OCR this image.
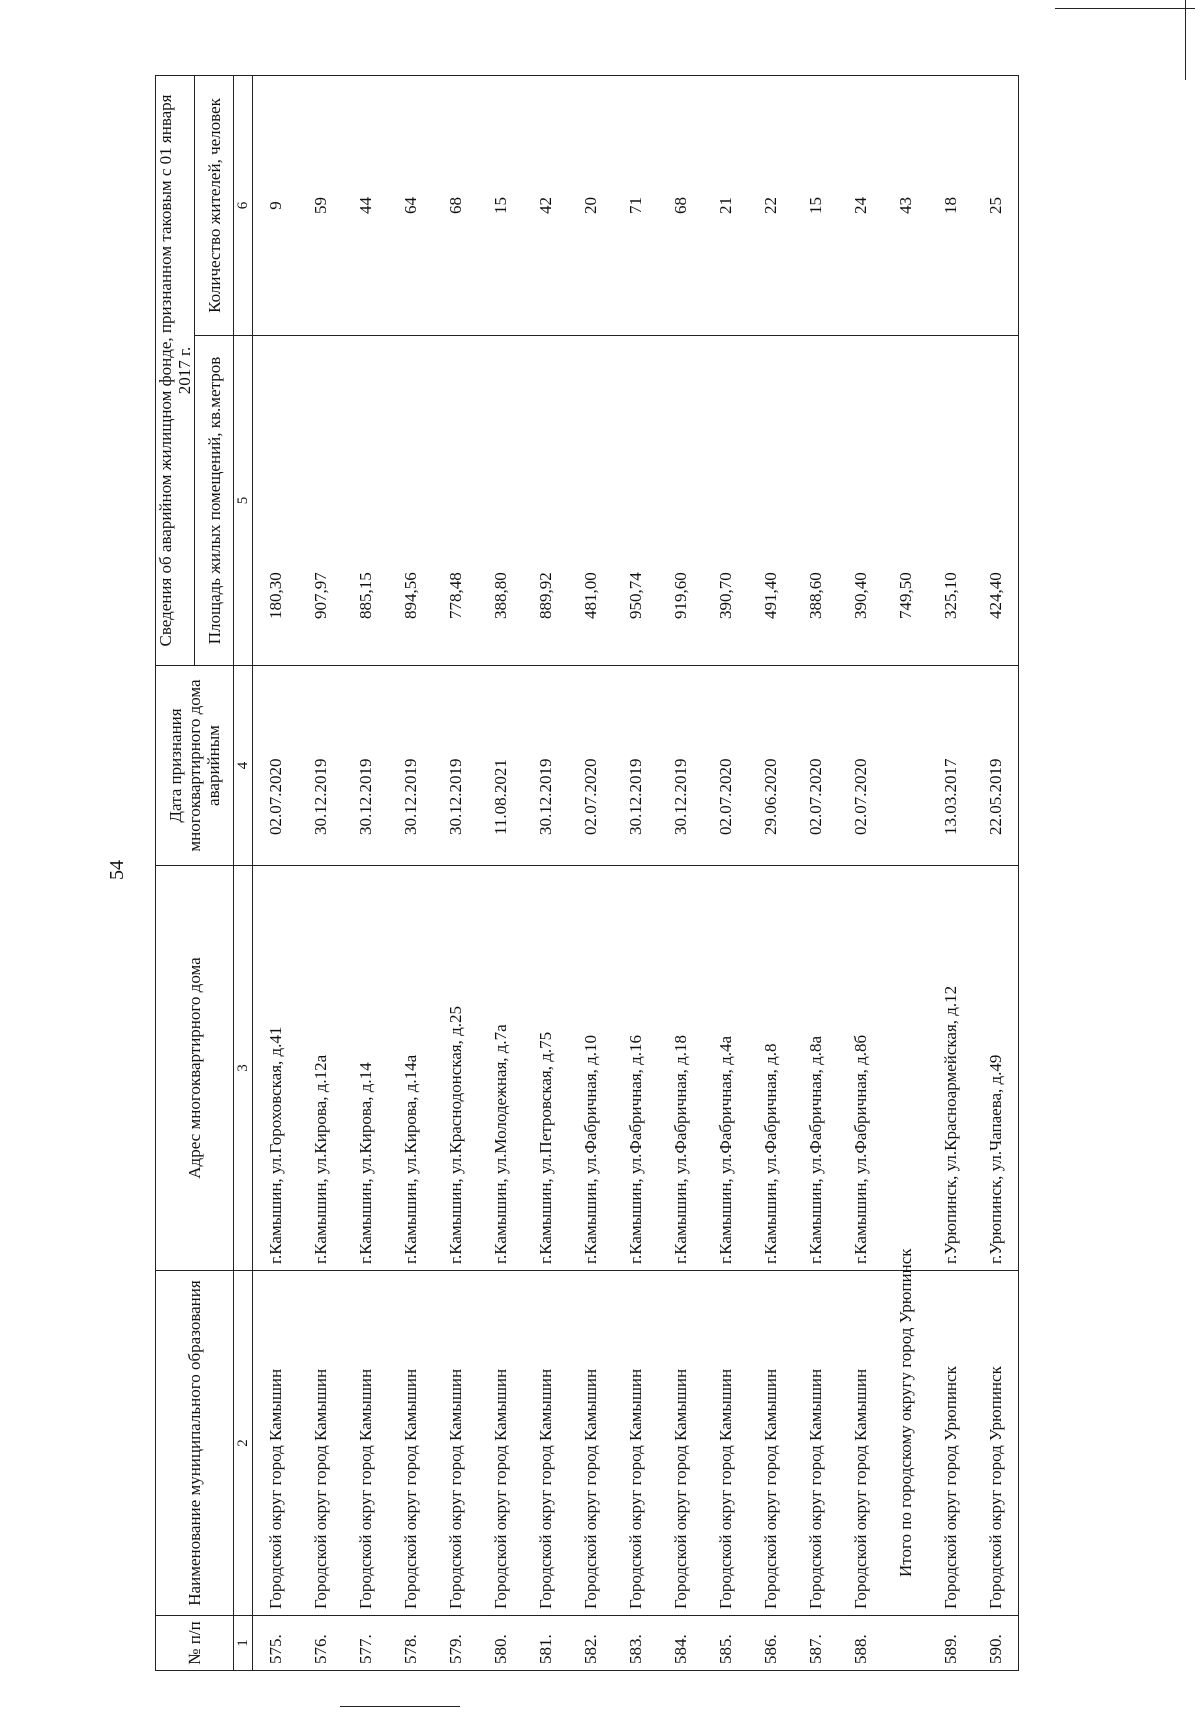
54
№ п/п	Наименование муниципального образования	Адрес многоквартирного дома	Дата признания многоквартирного дома аварийным	Сведения об аварийном жилищном фонде, признанном таковым с 01 января 2017 г.	
				Площадь жилых помещений, кв.метров	Количество жителей, человек
1	2	3	4	5	6
575.	Городской округ город Камышин	г.Камышин, ул.Гороховская, д.41	02.07.2020	180,30	9
576.	Городской округ город Камышин	г.Камышин, ул.Кирова, д.12а	30.12.2019	907,97	59
577.	Городской округ город Камышин	г.Камышин, ул.Кирова, д.14	30.12.2019	885,15	44
578.	Городской округ город Камышин	г.Камышин, ул.Кирова, д.14а	30.12.2019	894,56	64
579.	Городской округ город Камышин	г.Камышин, ул.Краснодонская, д.25	30.12.2019	778,48	68
580.	Городской округ город Камышин	г.Камышин, ул.Молодежная, д.7а	11.08.2021	388,80	15
581.	Городской округ город Камышин	г.Камышин, ул.Петровская, д.75	30.12.2019	889,92	42
582.	Городской округ город Камышин	г.Камышин, ул.Фабричная, д.10	02.07.2020	481,00	20
583.	Городской округ город Камышин	г.Камышин, ул.Фабричная, д.16	30.12.2019	950,74	71
584.	Городской округ город Камышин	г.Камышин, ул.Фабричная, д.18	30.12.2019	919,60	68
585.	Городской округ город Камышин	г.Камышин, ул.Фабричная, д.4а	02.07.2020	390,70	21
586.	Городской округ город Камышин	г.Камышин, ул.Фабричная, д.8	29.06.2020	491,40	22
587.	Городской округ город Камышин	г.Камышин, ул.Фабричная, д.8а	02.07.2020	388,60	15
588.	Городской округ город Камышин	г.Камышин, ул.Фабричная, д.8б	02.07.2020	390,40	24
	Итого по городскому округу город Урюпинск			749,50	43
589.	Городской округ город Урюпинск	г.Урюпинск, ул.Красноармейская, д.12	13.03.2017	325,10	18
590.	Городской округ город Урюпинск	г.Урюпинск, ул.Чапаева, д.49	22.05.2019	424,40	25
